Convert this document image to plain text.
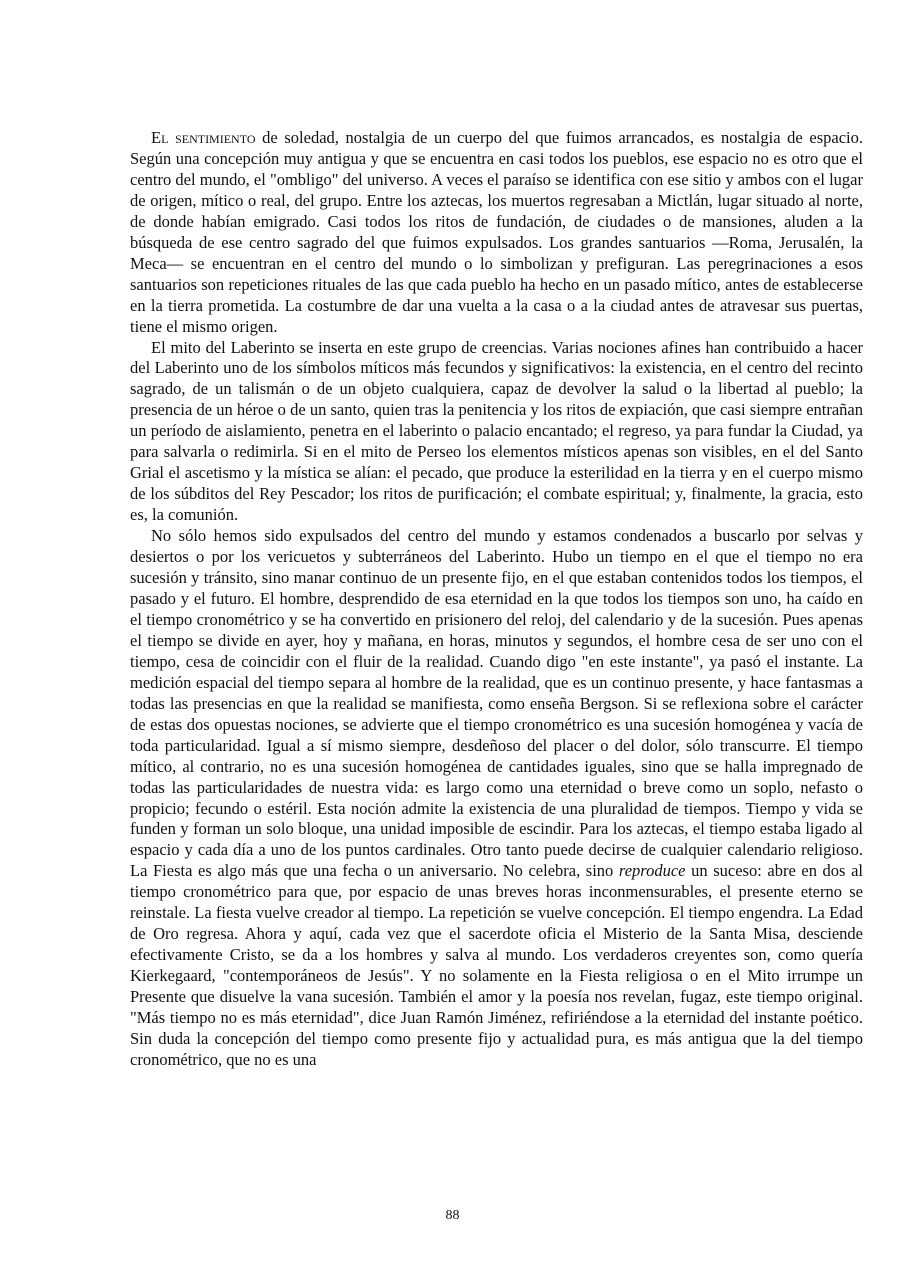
El sentimiento de soledad, nostalgia de un cuerpo del que fuimos arrancados, es nostalgia de espacio. Según una concepción muy antigua y que se encuentra en casi todos los pueblos, ese espacio no es otro que el centro del mundo, el "ombligo" del universo. A veces el paraíso se identifica con ese sitio y ambos con el lugar de origen, mítico o real, del grupo. Entre los aztecas, los muertos regresaban a Mictlán, lugar situado al norte, de donde habían emigrado. Casi todos los ritos de fundación, de ciudades o de mansiones, aluden a la búsqueda de ese centro sagrado del que fuimos expulsados. Los grandes santuarios —Roma, Jerusalén, la Meca— se encuentran en el centro del mundo o lo simbolizan y prefiguran. Las peregrinaciones a esos santuarios son repeticiones rituales de las que cada pueblo ha hecho en un pasado mítico, antes de establecerse en la tierra prometida. La costumbre de dar una vuelta a la casa o a la ciudad antes de atravesar sus puertas, tiene el mismo origen.

El mito del Laberinto se inserta en este grupo de creencias. Varias nociones afines han contribuido a hacer del Laberinto uno de los símbolos míticos más fecundos y significativos: la existencia, en el centro del recinto sagrado, de un talismán o de un objeto cualquiera, capaz de devolver la salud o la libertad al pueblo; la presencia de un héroe o de un santo, quien tras la penitencia y los ritos de expiación, que casi siempre entrañan un período de aislamiento, penetra en el laberinto o palacio encantado; el regreso, ya para fundar la Ciudad, ya para salvarla o redimirla. Si en el mito de Perseo los elementos místicos apenas son visibles, en el del Santo Grial el ascetismo y la mística se alían: el pecado, que produce la esterilidad en la tierra y en el cuerpo mismo de los súbditos del Rey Pescador; los ritos de purificación; el combate espiritual; y, finalmente, la gracia, esto es, la comunión.

No sólo hemos sido expulsados del centro del mundo y estamos condenados a buscarlo por selvas y desiertos o por los vericuetos y subterráneos del Laberinto. Hubo un tiempo en el que el tiempo no era sucesión y tránsito, sino manar continuo de un presente fijo, en el que estaban contenidos todos los tiempos, el pasado y el futuro. El hombre, desprendido de esa eternidad en la que todos los tiempos son uno, ha caído en el tiempo cronométrico y se ha convertido en prisionero del reloj, del calendario y de la sucesión. Pues apenas el tiempo se divide en ayer, hoy y mañana, en horas, minutos y segundos, el hombre cesa de ser uno con el tiempo, cesa de coincidir con el fluir de la realidad. Cuando digo "en este instante", ya pasó el instante. La medición espacial del tiempo separa al hombre de la realidad, que es un continuo presente, y hace fantasmas a todas las presencias en que la realidad se manifiesta, como enseña Bergson. Si se reflexiona sobre el carácter de estas dos opuestas nociones, se advierte que el tiempo cronométrico es una sucesión homogénea y vacía de toda particularidad. Igual a sí mismo siempre, desdeñoso del placer o del dolor, sólo transcurre. El tiempo mítico, al contrario, no es una sucesión homogénea de cantidades iguales, sino que se halla impregnado de todas las particularidades de nuestra vida: es largo como una eternidad o breve como un soplo, nefasto o propicio; fecundo o estéril. Esta noción admite la existencia de una pluralidad de tiempos. Tiempo y vida se funden y forman un solo bloque, una unidad imposible de escindir. Para los aztecas, el tiempo estaba ligado al espacio y cada día a uno de los puntos cardinales. Otro tanto puede decirse de cualquier calendario religioso. La Fiesta es algo más que una fecha o un aniversario. No celebra, sino reproduce un suceso: abre en dos al tiempo cronométrico para que, por espacio de unas breves horas inconmensurables, el presente eterno se reinstale. La fiesta vuelve creador al tiempo. La repetición se vuelve concepción. El tiempo engendra. La Edad de Oro regresa. Ahora y aquí, cada vez que el sacerdote oficia el Misterio de la Santa Misa, desciende efectivamente Cristo, se da a los hombres y salva al mundo. Los verdaderos creyentes son, como quería Kierkegaard, "contemporáneos de Jesús". Y no solamente en la Fiesta religiosa o en el Mito irrumpe un Presente que disuelve la vana sucesión. También el amor y la poesía nos revelan, fugaz, este tiempo original. "Más tiempo no es más eternidad", dice Juan Ramón Jiménez, refiriéndose a la eternidad del instante poético. Sin duda la concepción del tiempo como presente fijo y actualidad pura, es más antigua que la del tiempo cronométrico, que no es una

88
